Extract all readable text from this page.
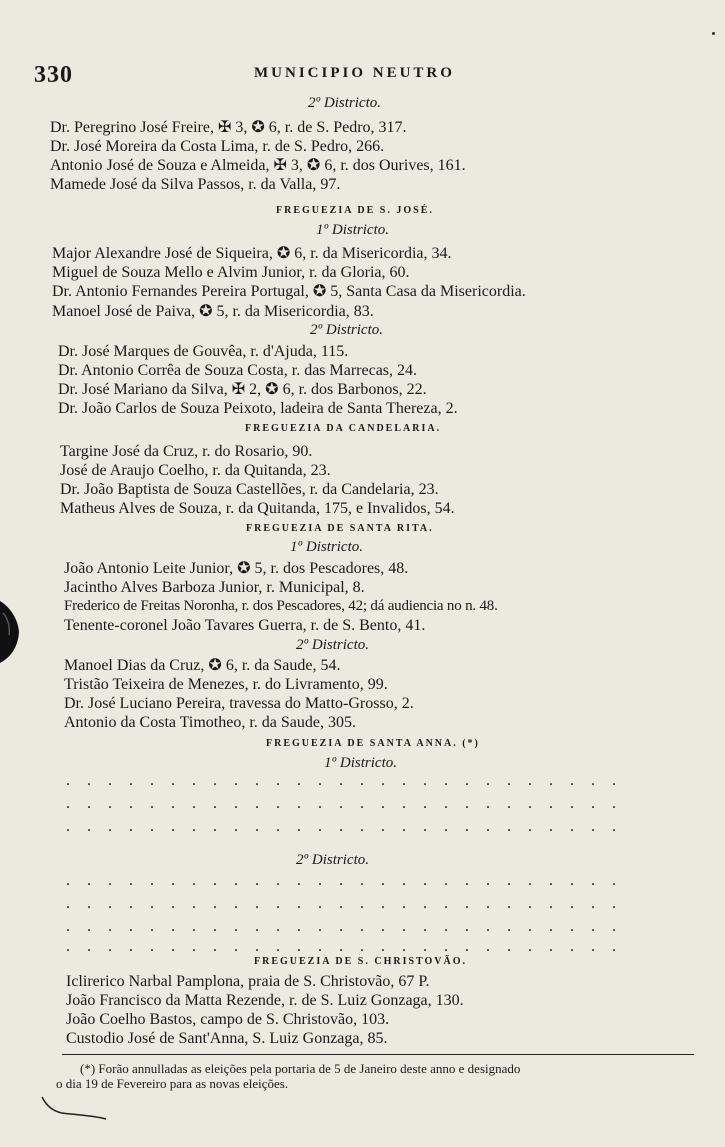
330	MUNICIPIO NEUTRO
2º Districto.
Dr. Peregrino José Freire, ✠ 3, ✪ 6, r. de S. Pedro, 317.
Dr. José Moreira da Costa Lima, r. de S. Pedro, 266.
Antonio José de Souza e Almeida, ✠ 3, ✪ 6, r. dos Ourives, 161.
Mamede José da Silva Passos, r. da Valla, 97.
FREGUEZIA DE S. JOSÉ.
1º Districto.
Major Alexandre José de Siqueira, ✪ 6, r. da Misericordia, 34.
Miguel de Souza Mello e Alvim Junior, r. da Gloria, 60.
Dr. Antonio Fernandes Pereira Portugal, ✪ 5, Santa Casa da Misericordia.
Manoel José de Paiva, ✪ 5, r. da Misericordia, 83.
2º Districto.
Dr. José Marques de Gouvêa, r. d'Ajuda, 115.
Dr. Antonio Corrêa de Souza Costa, r. das Marrecas, 24.
Dr. José Mariano da Silva, ✠ 2, ✪ 6, r. dos Barbonos, 22.
Dr. João Carlos de Souza Peixoto, ladeira de Santa Thereza, 2.
FREGUEZIA DA CANDELARIA.
Targine José da Cruz, r. do Rosario, 90.
José de Araujo Coelho, r. da Quitanda, 23.
Dr. João Baptista de Souza Castellões, r. da Candelaria, 23.
Matheus Alves de Souza, r. da Quitanda, 175, e Invalidos, 54.
FREGUEZIA DE SANTA RITA.
1º Districto.
João Antonio Leite Junior, ✪ 5, r. dos Pescadores, 48.
Jacintho Alves Barboza Junior, r. Municipal, 8.
Frederico de Freitas Noronha, r. dos Pescadores, 42; dá audiencia no n. 48.
Tenente-coronel João Tavares Guerra, r. de S. Bento, 41.
2º Districto.
Manoel Dias da Cruz, ✪ 6, r. da Saude, 54.
Tristão Teixeira de Menezes, r. do Livramento, 99.
Dr. José Luciano Pereira, travessa do Matto-Grosso, 2.
Antonio da Costa Timotheo, r. da Saude, 305.
FREGUEZIA DE SANTA ANNA. (*)
1º Districto.
...........................
...........................
...........................
2º Districto.
...........................
...........................
...........................
...........................
FREGUEZIA DE S. CHRISTOVÃO.
Iclirerico Narbal Pamplona, praia de S. Christovão, 67 P.
João Francisco da Matta Rezende, r. de S. Luiz Gonzaga, 130.
João Coelho Bastos, campo de S. Christovão, 103.
Custodio José de Sant'Anna, S. Luiz Gonzaga, 85.
(*) Forão annulladas as eleições pela portaria de 5 de Janeiro deste anno e designado
o dia 19 de Fevereiro para as novas eleições.
